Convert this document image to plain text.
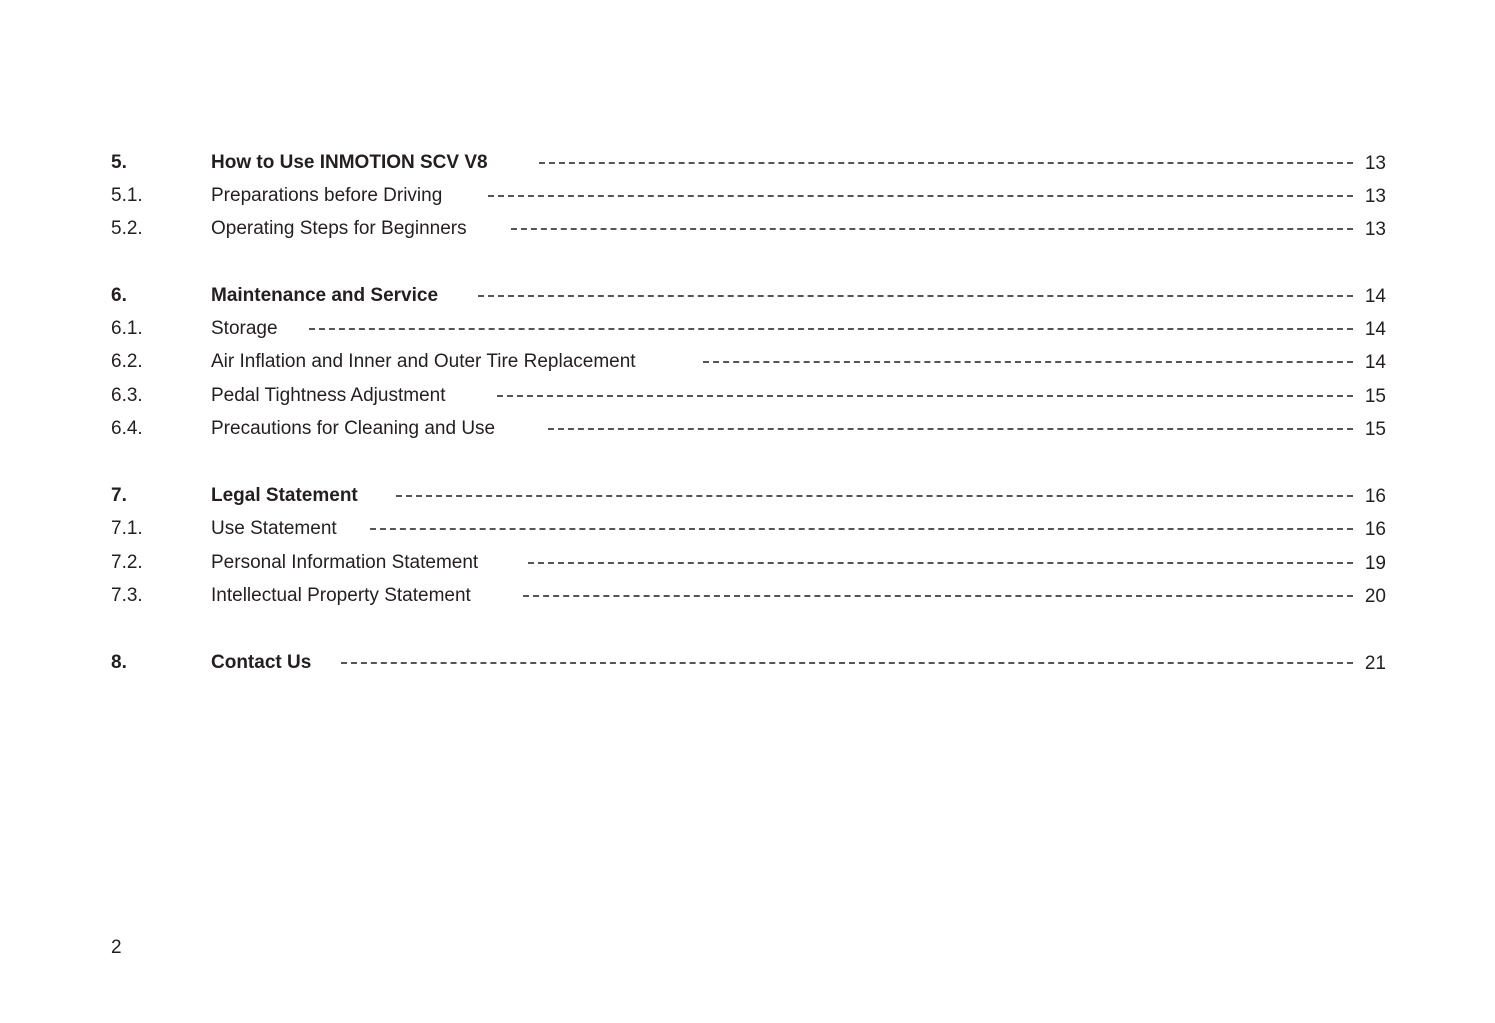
5.	How to Use INMOTION SCV V8	13
5.1.	Preparations before Driving	13
5.2.	Operating Steps for Beginners	13
6.	Maintenance and Service	14
6.1.	Storage	14
6.2.	Air Inflation and Inner and Outer Tire Replacement	14
6.3.	Pedal Tightness Adjustment	15
6.4.	Precautions for Cleaning and Use	15
7.	Legal Statement	16
7.1.	Use Statement	16
7.2.	Personal Information Statement	19
7.3.	Intellectual Property Statement	20
8.	Contact Us	21
2
